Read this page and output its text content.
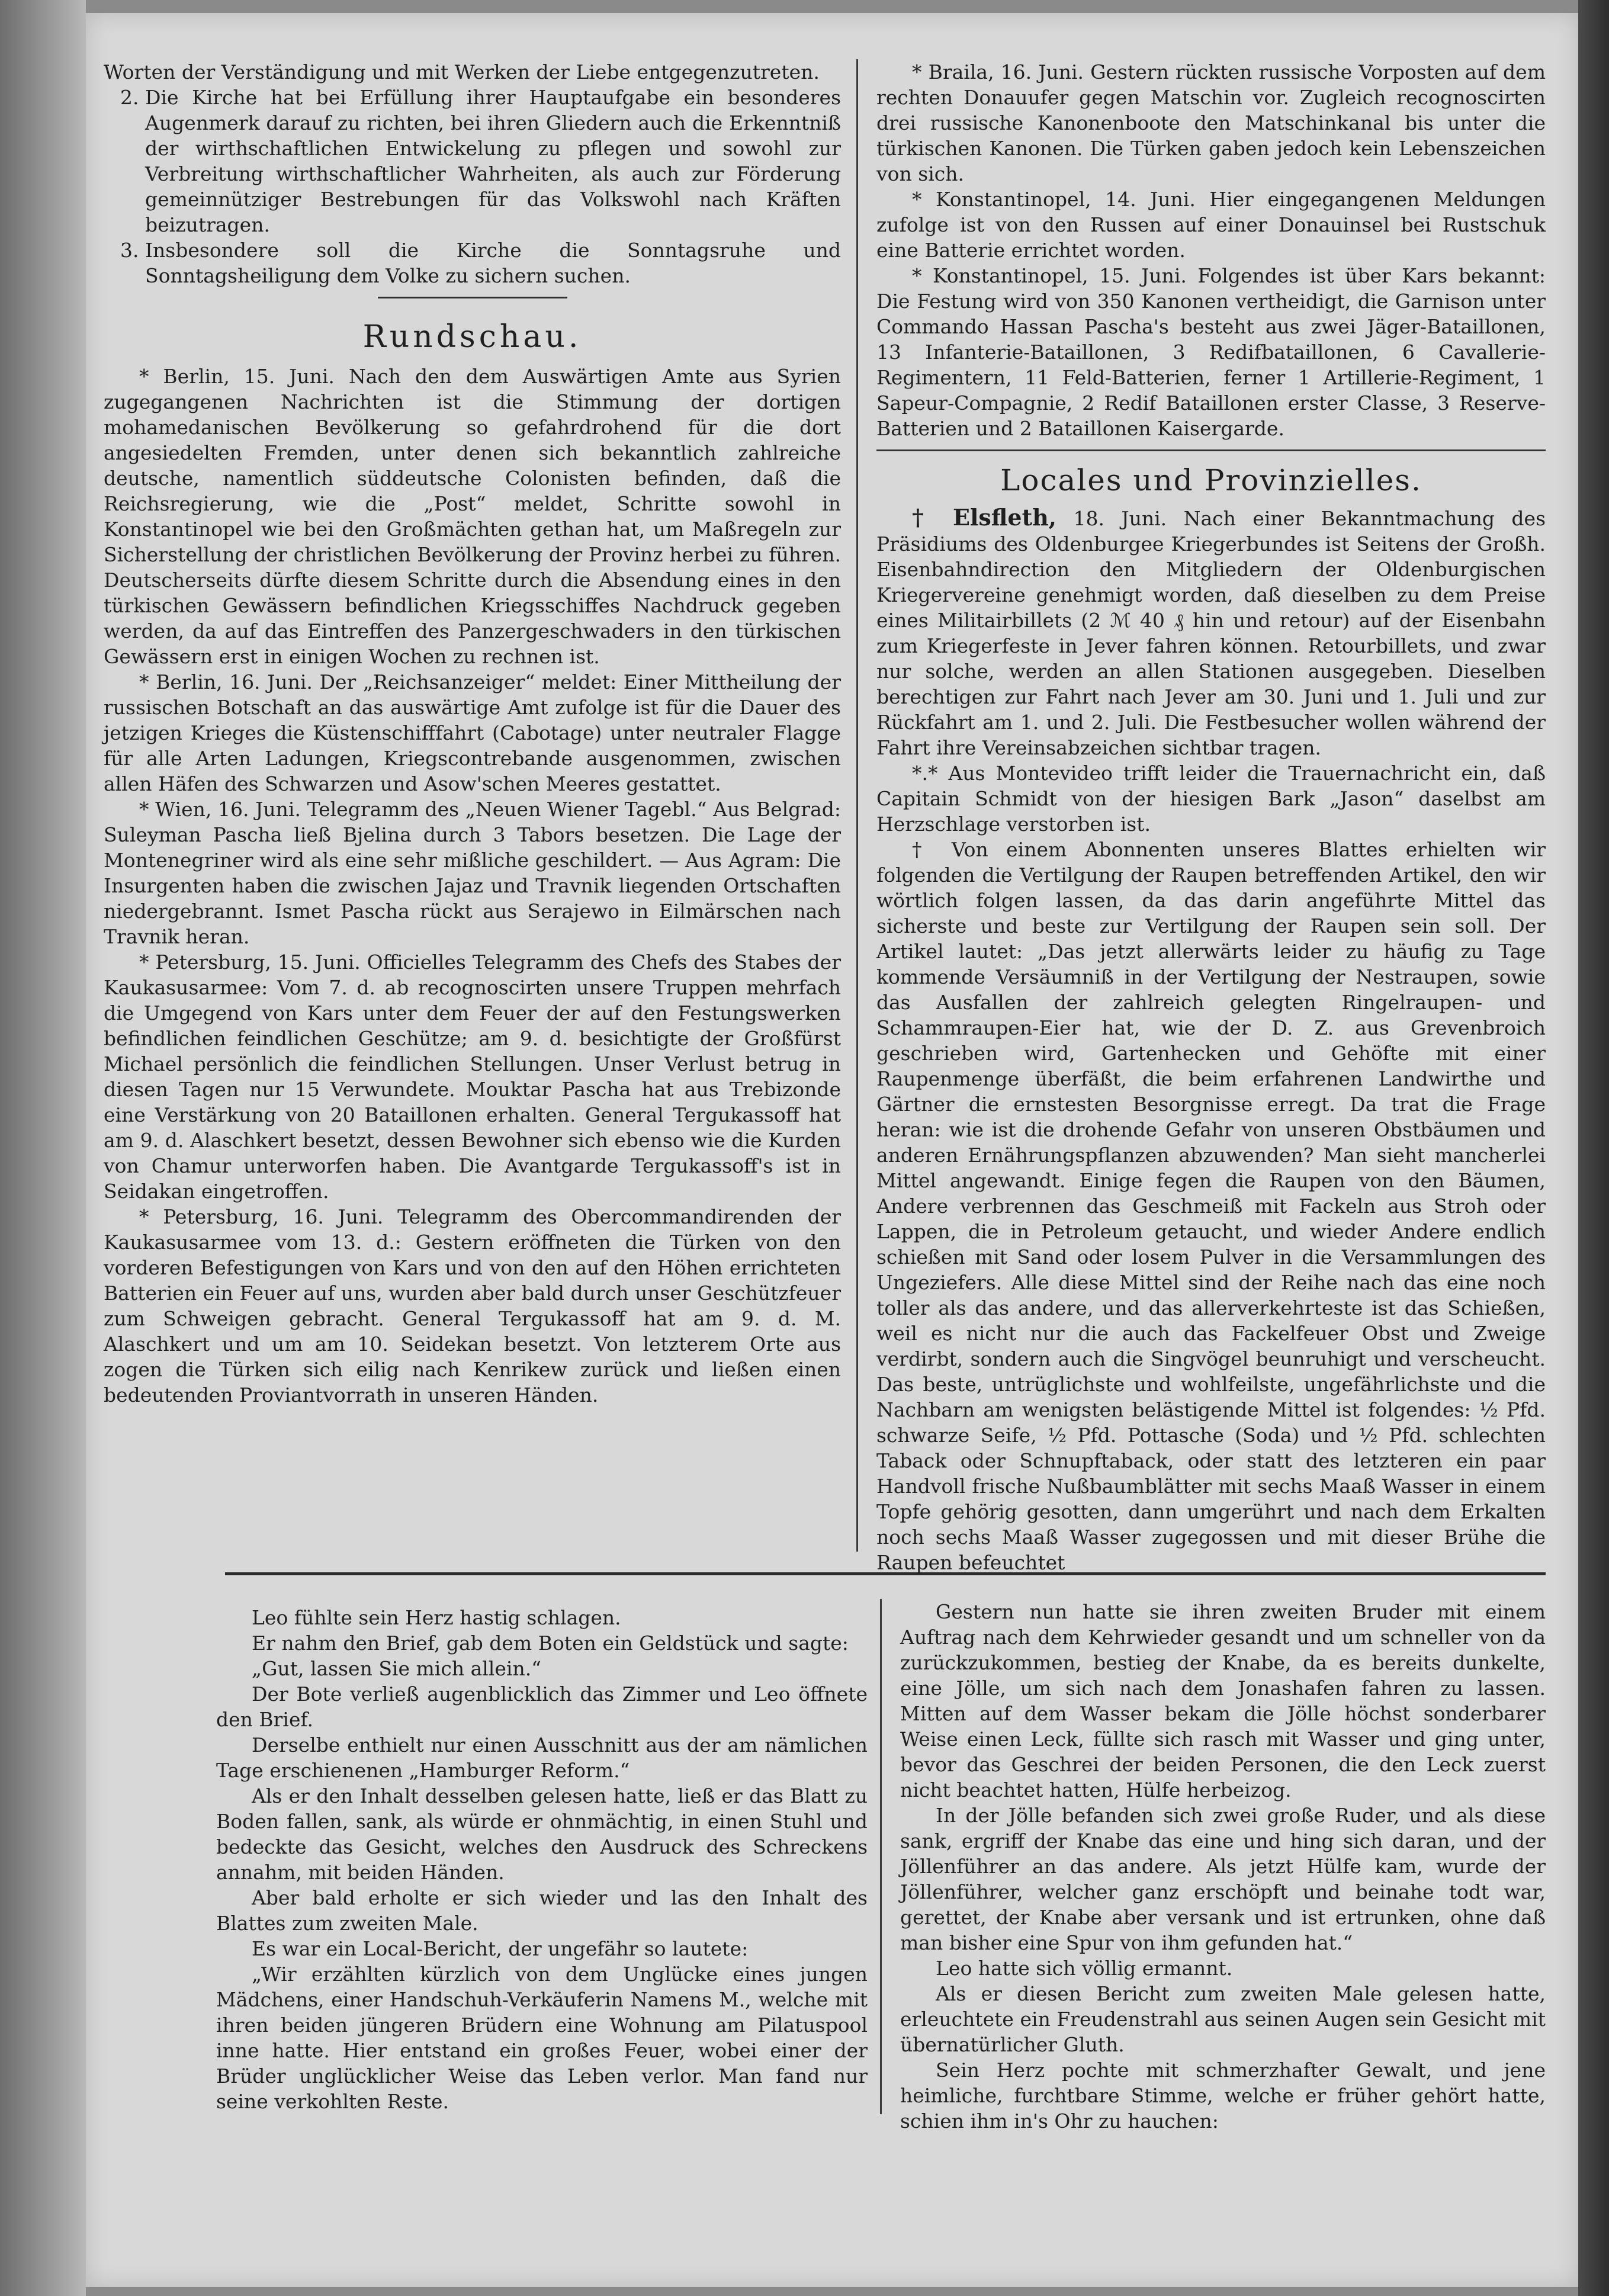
Worten der Verständigung und mit Werken der Liebe entgegenzutreten.

2. Die Kirche hat bei Erfüllung ihrer Hauptaufgabe ein besonderes Augenmerk darauf zu richten, bei ihren Gliedern auch die Erkenntniß der wirthschaftlichen Entwickelung zu pflegen und sowohl zur Verbreitung wirthschaftlicher Wahrheiten, als auch zur Förderung gemeinnütziger Bestrebungen für das Volkswohl nach Kräften beizutragen.
3. Insbesondere soll die Kirche die Sonntagsruhe und Sonntagsheiligung dem Volke zu sichern suchen.
Rundschau.

* Berlin, 15. Juni. Nach den dem Auswärtigen Amte aus Syrien zugegangenen Nachrichten ist die Stimmung der dortigen mohamedanischen Bevölkerung so gefahrdrohend für die dort angesiedelten Fremden, unter denen sich bekanntlich zahlreiche deutsche, namentlich süddeutsche Colonisten befinden, daß die Reichsregierung, wie die „Post“ meldet, Schritte sowohl in Konstantinopel wie bei den Großmächten gethan hat, um Maßregeln zur Sicherstellung der christlichen Bevölkerung der Provinz herbei zu führen. Deutscherseits dürfte diesem Schritte durch die Absendung eines in den türkischen Gewässern befindlichen Kriegsschiffes Nachdruck gegeben werden, da auf das Eintreffen des Panzergeschwaders in den türkischen Gewässern erst in einigen Wochen zu rechnen ist.

* Berlin, 16. Juni. Der „Reichsanzeiger“ meldet: Einer Mittheilung der russischen Botschaft an das auswärtige Amt zufolge ist für die Dauer des jetzigen Krieges die Küstenschifffahrt (Cabotage) unter neutraler Flagge für alle Arten Ladungen, Kriegscontrebande ausgenommen, zwischen allen Häfen des Schwarzen und Asow'schen Meeres gestattet.

* Wien, 16. Juni. Telegramm des „Neuen Wiener Tagebl.“ Aus Belgrad: Suleyman Pascha ließ Bjelina durch 3 Tabors besetzen. Die Lage der Montenegriner wird als eine sehr mißliche geschildert. — Aus Agram: Die Insurgenten haben die zwischen Jajaz und Travnik liegenden Ortschaften niedergebrannt. Ismet Pascha rückt aus Serajewo in Eilmärschen nach Travnik heran.

* Petersburg, 15. Juni. Officielles Telegramm des Chefs des Stabes der Kaukasusarmee: Vom 7. d. ab recognoscirten unsere Truppen mehrfach die Umgegend von Kars unter dem Feuer der auf den Festungswerken befindlichen feindlichen Geschütze; am 9. d. besichtigte der Großfürst Michael persönlich die feindlichen Stellungen. Unser Verlust betrug in diesen Tagen nur 15 Verwundete. Mouktar Pascha hat aus Trebizonde eine Verstärkung von 20 Bataillonen erhalten. General Tergukassoff hat am 9. d. Alaschkert besetzt, dessen Bewohner sich ebenso wie die Kurden von Chamur unterworfen haben. Die Avantgarde Tergukassoff's ist in Seidakan eingetroffen.

* Petersburg, 16. Juni. Telegramm des Obercommandirenden der Kaukasusarmee vom 13. d.: Gestern eröffneten die Türken von den vorderen Befestigungen von Kars und von den auf den Höhen errichteten Batterien ein Feuer auf uns, wurden aber bald durch unser Geschützfeuer zum Schweigen gebracht. General Tergukassoff hat am 9. d. M. Alaschkert und um am 10. Seidekan besetzt. Von letzterem Orte aus zogen die Türken sich eilig nach Kenrikew zurück und ließen einen bedeutenden Proviantvorrath in unseren Händen.

* Braila, 16. Juni. Gestern rückten russische Vorposten auf dem rechten Donauufer gegen Matschin vor. Zugleich recognoscirten drei russische Kanonenboote den Matschinkanal bis unter die türkischen Kanonen. Die Türken gaben jedoch kein Lebenszeichen von sich.

* Konstantinopel, 14. Juni. Hier eingegangenen Meldungen zufolge ist von den Russen auf einer Donauinsel bei Rustschuk eine Batterie errichtet worden.

* Konstantinopel, 15. Juni. Folgendes ist über Kars bekannt: Die Festung wird von 350 Kanonen vertheidigt, die Garnison unter Commando Hassan Pascha's besteht aus zwei Jäger-Bataillonen, 13 Infanterie-Bataillonen, 3 Redifbataillonen, 6 Cavallerie-Regimentern, 11 Feld-Batterien, ferner 1 Artillerie-Regiment, 1 Sapeur-Compagnie, 2 Redif Bataillonen erster Classe, 3 Reserve-Batterien und 2 Bataillonen Kaisergarde.

Locales und Provinzielles.

† Elsfleth, 18. Juni. Nach einer Bekanntmachung des Präsidiums des Oldenburgee Kriegerbundes ist Seitens der Großh. Eisenbahndirection den Mitgliedern der Oldenburgischen Kriegervereine genehmigt worden, daß dieselben zu dem Preise eines Militairbillets (2 ℳ 40 ₰ hin und retour) auf der Eisenbahn zum Kriegerfeste in Jever fahren können. Retourbillets, und zwar nur solche, werden an allen Stationen ausgegeben. Dieselben berechtigen zur Fahrt nach Jever am 30. Juni und 1. Juli und zur Rückfahrt am 1. und 2. Juli. Die Festbesucher wollen während der Fahrt ihre Vereinsabzeichen sichtbar tragen.

*.* Aus Montevideo trifft leider die Trauernachricht ein, daß Capitain Schmidt von der hiesigen Bark „Jason“ daselbst am Herzschlage verstorben ist.

† Von einem Abonnenten unseres Blattes erhielten wir folgenden die Vertilgung der Raupen betreffenden Artikel, den wir wörtlich folgen lassen, da das darin angeführte Mittel das sicherste und beste zur Vertilgung der Raupen sein soll. Der Artikel lautet: „Das jetzt allerwärts leider zu häufig zu Tage kommende Versäumniß in der Vertilgung der Nestraupen, sowie das Ausfallen der zahlreich gelegten Ringelraupen- und Schammraupen-Eier hat, wie der D. Z. aus Grevenbroich geschrieben wird, Gartenhecken und Gehöfte mit einer Raupenmenge überfäßt, die beim erfahrenen Landwirthe und Gärtner die ernstesten Besorgnisse erregt. Da trat die Frage heran: wie ist die drohende Gefahr von unseren Obstbäumen und anderen Ernährungspflanzen abzuwenden? Man sieht mancherlei Mittel angewandt. Einige fegen die Raupen von den Bäumen, Andere verbrennen das Geschmeiß mit Fackeln aus Stroh oder Lappen, die in Petroleum getaucht, und wieder Andere endlich schießen mit Sand oder losem Pulver in die Versammlungen des Ungeziefers. Alle diese Mittel sind der Reihe nach das eine noch toller als das andere, und das allerverkehrteste ist das Schießen, weil es nicht nur die auch das Fackelfeuer Obst und Zweige verdirbt, sondern auch die Singvögel beunruhigt und verscheucht. Das beste, untrüglichste und wohlfeilste, ungefährlichste und die Nachbarn am wenigsten belästigende Mittel ist folgendes: ½ Pfd. schwarze Seife, ½ Pfd. Pottasche (Soda) und ½ Pfd. schlechten Taback oder Schnupftaback, oder statt des letzteren ein paar Handvoll frische Nußbaumblätter mit sechs Maaß Wasser in einem Topfe gehörig gesotten, dann umgerührt und nach dem Erkalten noch sechs Maaß Wasser zugegossen und mit dieser Brühe die Raupen befeuchtet

Leo fühlte sein Herz hastig schlagen.

Er nahm den Brief, gab dem Boten ein Geldstück und sagte:

„Gut, lassen Sie mich allein.“

Der Bote verließ augenblicklich das Zimmer und Leo öffnete den Brief.

Derselbe enthielt nur einen Ausschnitt aus der am nämlichen Tage erschienenen „Hamburger Reform.“

Als er den Inhalt desselben gelesen hatte, ließ er das Blatt zu Boden fallen, sank, als würde er ohnmächtig, in einen Stuhl und bedeckte das Gesicht, welches den Ausdruck des Schreckens annahm, mit beiden Händen.

Aber bald erholte er sich wieder und las den Inhalt des Blattes zum zweiten Male.

Es war ein Local-Bericht, der ungefähr so lautete:

„Wir erzählten kürzlich von dem Unglücke eines jungen Mädchens, einer Handschuh-Verkäuferin Namens M., welche mit ihren beiden jüngeren Brüdern eine Wohnung am Pilatuspool inne hatte. Hier entstand ein großes Feuer, wobei einer der Brüder unglücklicher Weise das Leben verlor. Man fand nur seine verkohlten Reste.

Gestern nun hatte sie ihren zweiten Bruder mit einem Auftrag nach dem Kehrwieder gesandt und um schneller von da zurückzukommen, bestieg der Knabe, da es bereits dunkelte, eine Jölle, um sich nach dem Jonashafen fahren zu lassen. Mitten auf dem Wasser bekam die Jölle höchst sonderbarer Weise einen Leck, füllte sich rasch mit Wasser und ging unter, bevor das Geschrei der beiden Personen, die den Leck zuerst nicht beachtet hatten, Hülfe herbeizog.

In der Jölle befanden sich zwei große Ruder, und als diese sank, ergriff der Knabe das eine und hing sich daran, und der Jöllenführer an das andere. Als jetzt Hülfe kam, wurde der Jöllenführer, welcher ganz erschöpft und beinahe todt war, gerettet, der Knabe aber versank und ist ertrunken, ohne daß man bisher eine Spur von ihm gefunden hat.“

Leo hatte sich völlig ermannt.

Als er diesen Bericht zum zweiten Male gelesen hatte, erleuchtete ein Freudenstrahl aus seinen Augen sein Gesicht mit übernatürlicher Gluth.

Sein Herz pochte mit schmerzhafter Gewalt, und jene heimliche, furchtbare Stimme, welche er früher gehört hatte, schien ihm in's Ohr zu hauchen:
